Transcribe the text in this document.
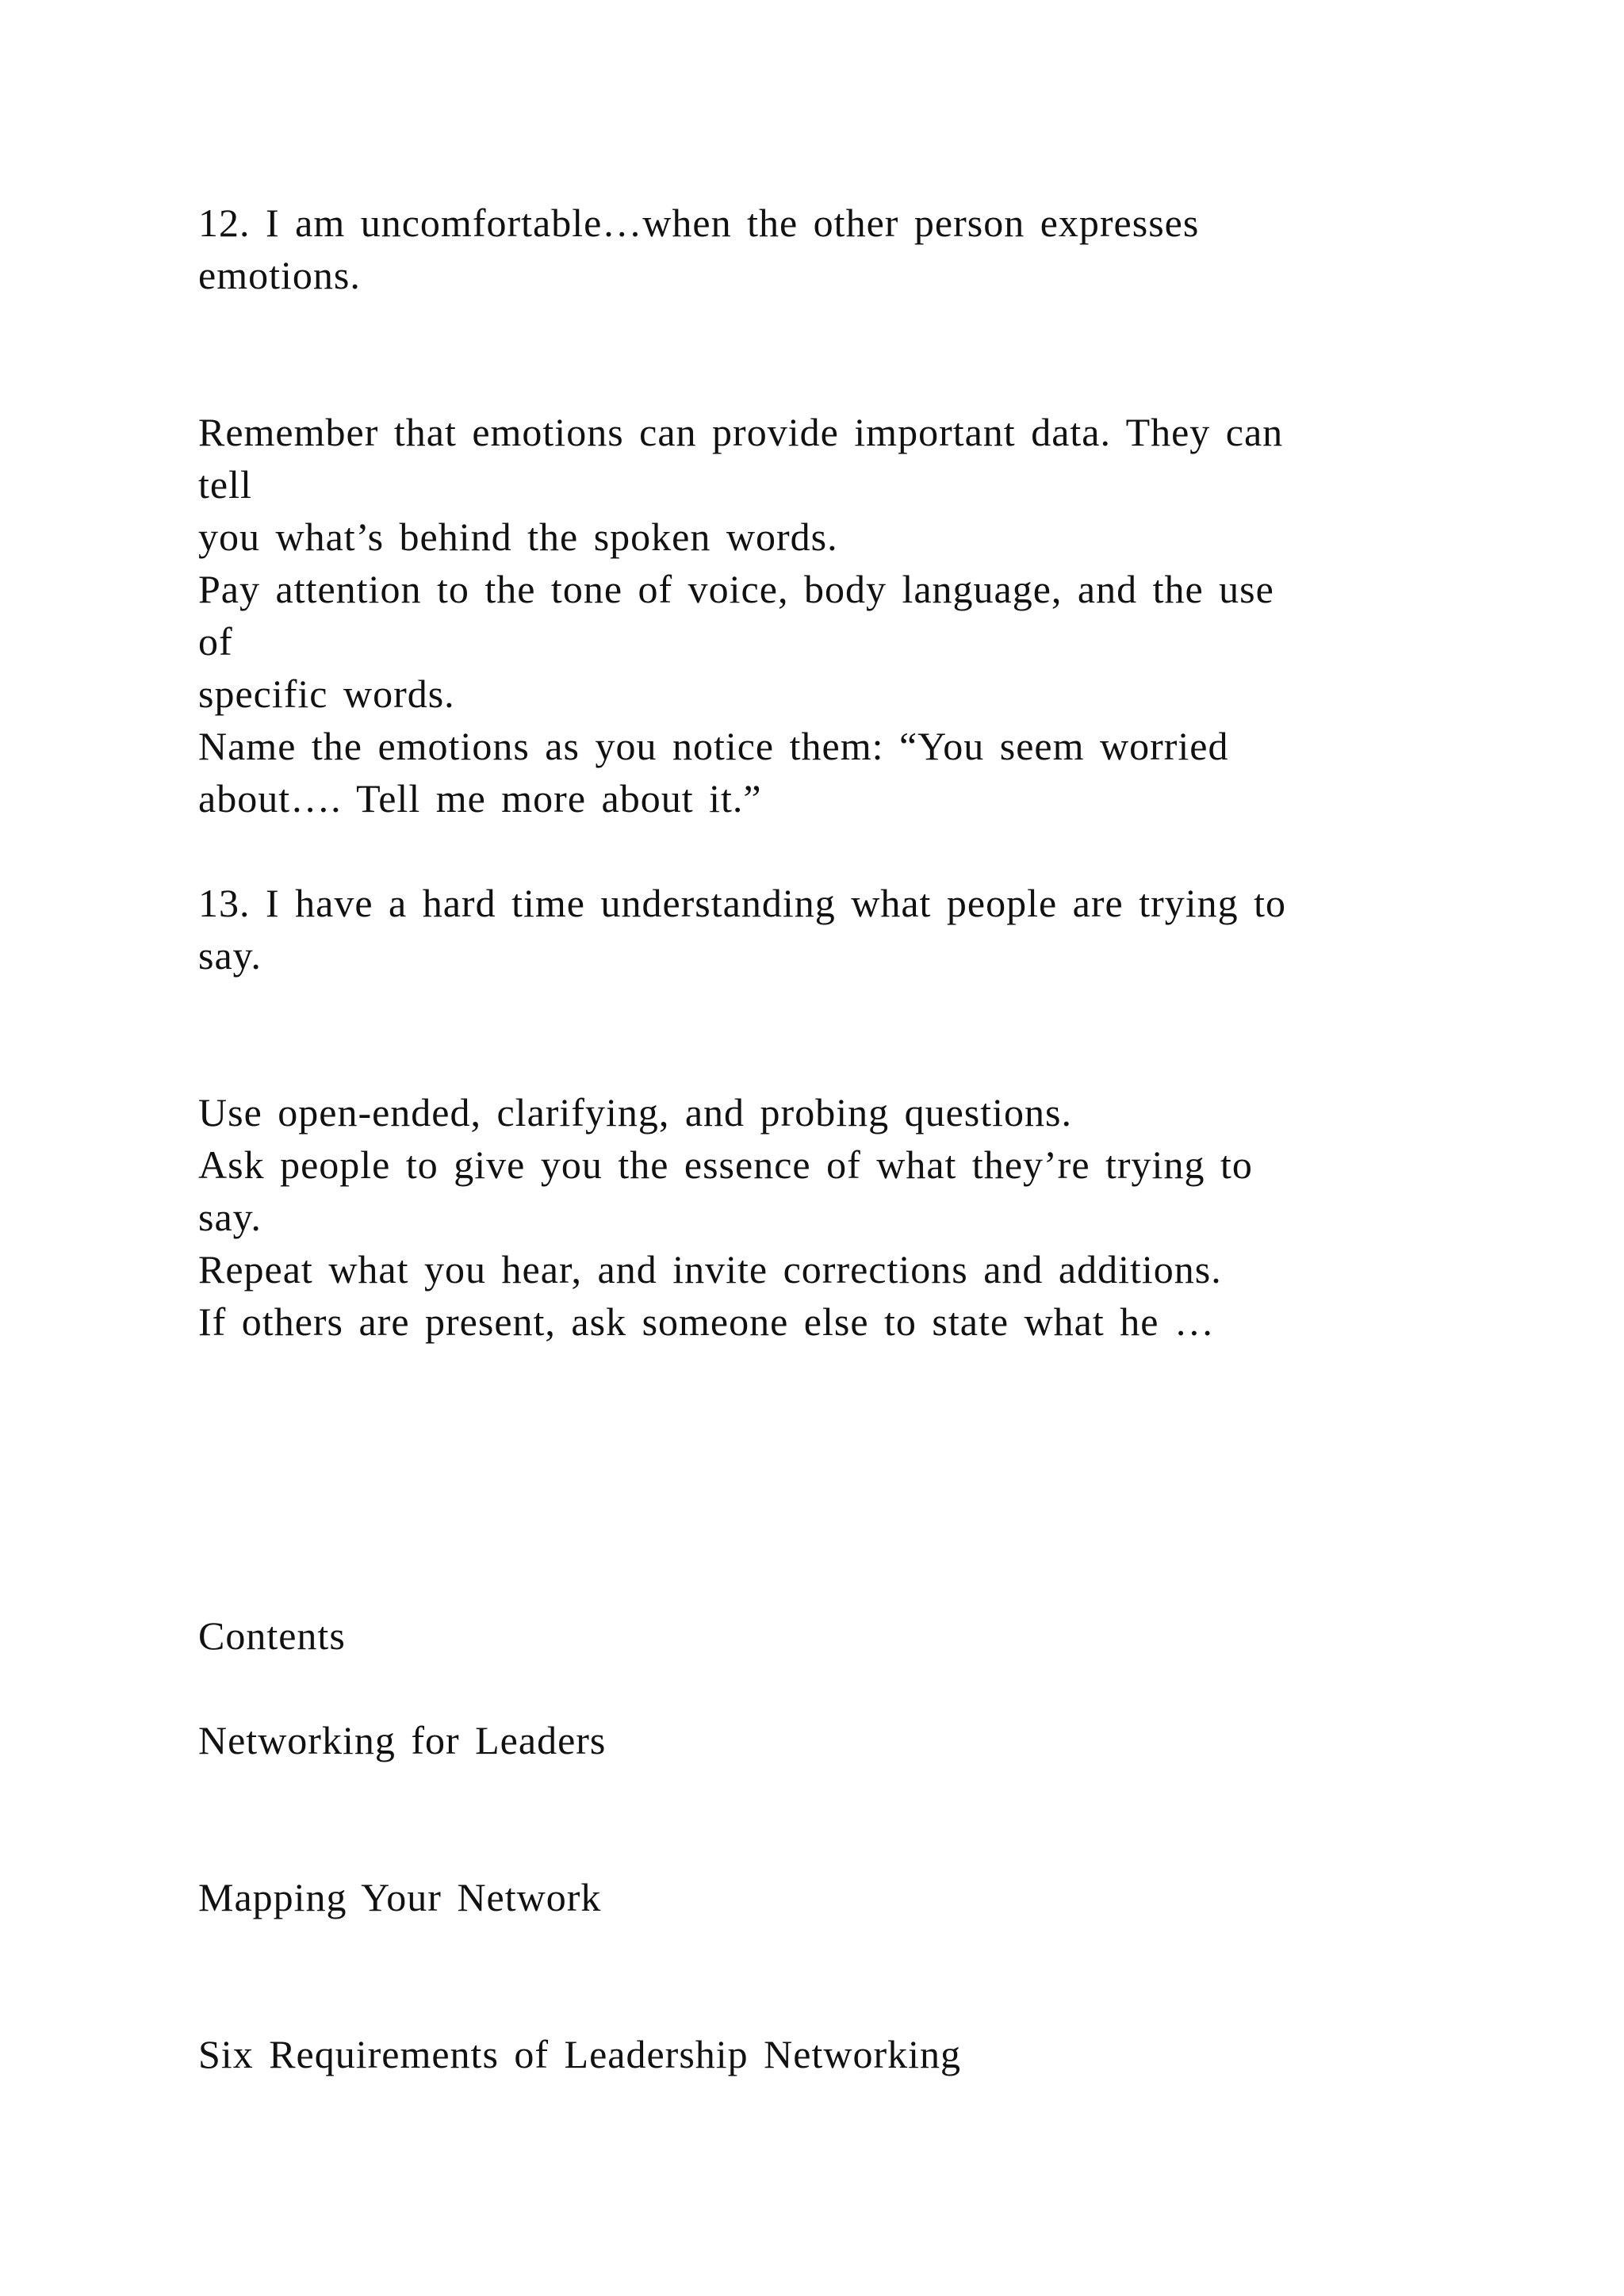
12. I am uncomfortable…when the other person expresses
emotions.
Remember that emotions can provide important data. They can
tell
you what’s behind the spoken words.
Pay attention to the tone of voice, body language, and the use
of
specific words.
Name the emotions as you notice them: “You seem worried
about…. Tell me more about it.”
13. I have a hard time understanding what people are trying to
say.
Use open-ended, clarifying, and probing questions.
Ask people to give you the essence of what they’re trying to
say.
Repeat what you hear, and invite corrections and additions.
If others are present, ask someone else to state what he …
Contents
Networking for Leaders
Mapping Your Network
Six Requirements of Leadership Networking
